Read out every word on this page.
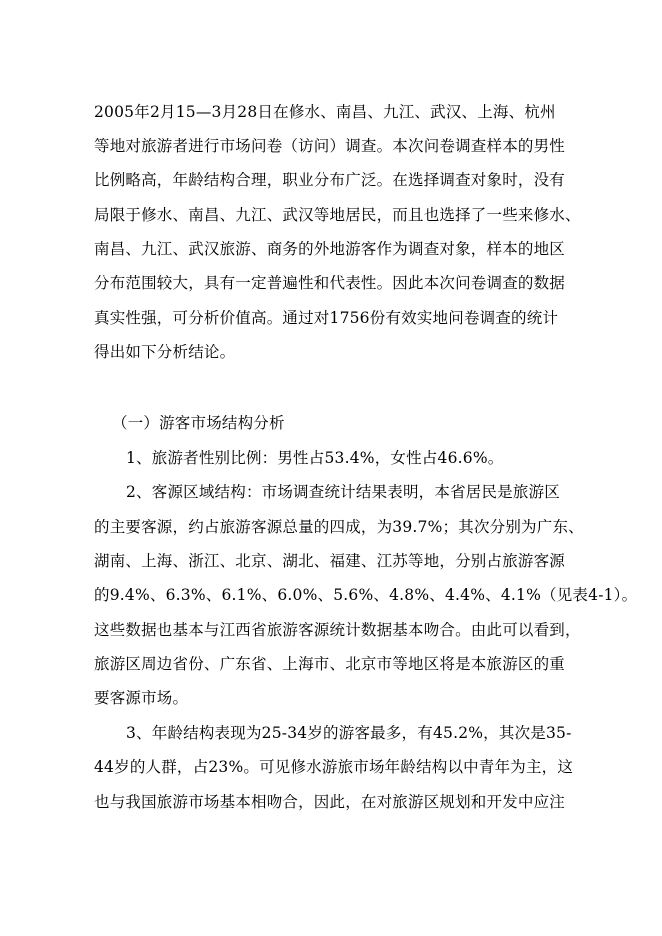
2005年2月15—3月28日在修水、南昌、九江、武汉、上海、杭州
等地对旅游者进行市场问卷（访问）调查。本次问卷调查样本的男性
比例略高，年龄结构合理，职业分布广泛。在选择调查对象时，没有
局限于修水、南昌、九江、武汉等地居民，而且也选择了一些来修水、
南昌、九江、武汉旅游、商务的外地游客作为调查对象，样本的地区
分布范围较大，具有一定普遍性和代表性。因此本次问卷调查的数据
真实性强，可分析价值高。通过对1756份有效实地问卷调查的统计
得出如下分析结论。
（一）游客市场结构分析
1、旅游者性别比例：男性占53.4%，女性占46.6%。
2、客源区域结构：市场调查统计结果表明，本省居民是旅游区
的主要客源，约占旅游客源总量的四成，为39.7%；其次分别为广东、
湖南、上海、浙江、北京、湖北、福建、江苏等地，分别占旅游客源
的9.4%、6.3%、6.1%、6.0%、5.6%、4.8%、4.4%、4.1%（见表4-1）。
这些数据也基本与江西省旅游客源统计数据基本吻合。由此可以看到，
旅游区周边省份、广东省、上海市、北京市等地区将是本旅游区的重
要客源市场。
3、年龄结构表现为25-34岁的游客最多，有45.2%，其次是35-
44岁的人群，占23%。可见修水游旅市场年龄结构以中青年为主，这
也与我国旅游市场基本相吻合，因此，在对旅游区规划和开发中应注
